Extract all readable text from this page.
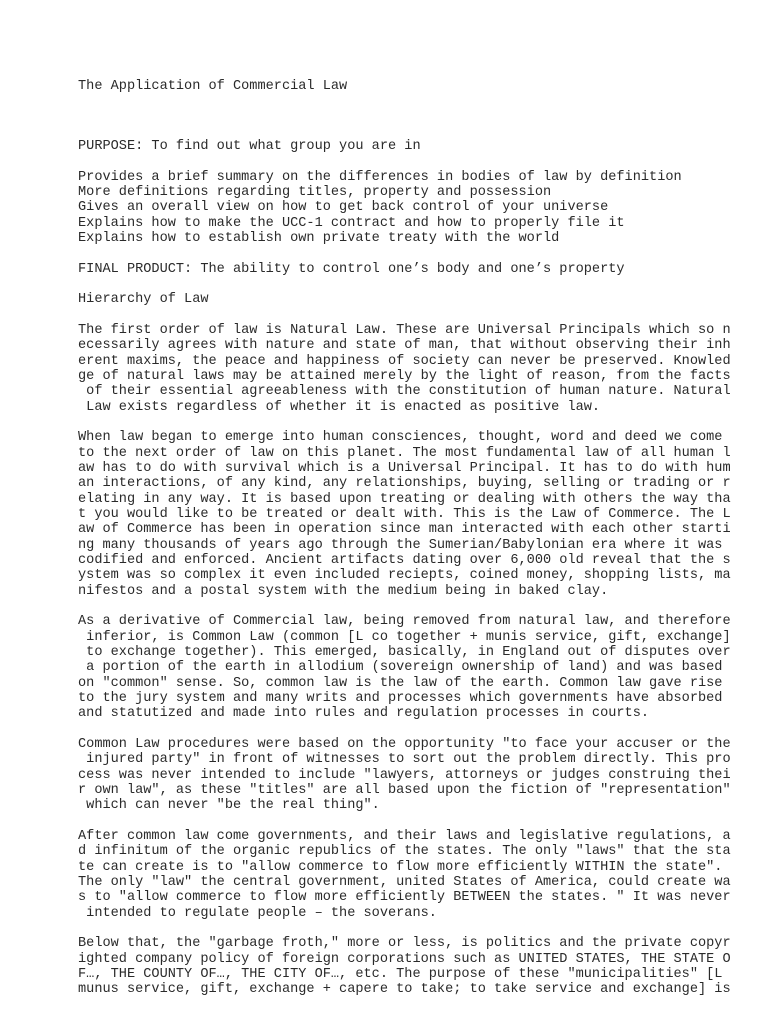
The Application of Commercial Law
PURPOSE: To find out what group you are in
Provides a brief summary on the differences in bodies of law by definition
More definitions regarding titles, property and possession
Gives an overall view on how to get back control of your universe
Explains how to make the UCC-1 contract and how to properly file it
Explains how to establish own private treaty with the world
FINAL PRODUCT: The ability to control one’s body and one’s property
Hierarchy of Law
The first order of law is Natural Law. These are Universal Principals which so n
ecessarily agrees with nature and state of man, that without observing their inh
erent maxims, the peace and happiness of society can never be preserved. Knowled
ge of natural laws may be attained merely by the light of reason, from the facts
of their essential agreeableness with the constitution of human nature. Natural
Law exists regardless of whether it is enacted as positive law.
When law began to emerge into human consciences, thought, word and deed we come
to the next order of law on this planet. The most fundamental law of all human l
aw has to do with survival which is a Universal Principal. It has to do with hum
an interactions, of any kind, any relationships, buying, selling or trading or r
elating in any way. It is based upon treating or dealing with others the way tha
t you would like to be treated or dealt with. This is the Law of Commerce. The L
aw of Commerce has been in operation since man interacted with each other starti
ng many thousands of years ago through the Sumerian/Babylonian era where it was
codified and enforced. Ancient artifacts dating over 6,000 old reveal that the s
ystem was so complex it even included reciepts, coined money, shopping lists, ma
nifestos and a postal system with the medium being in baked clay.
As a derivative of Commercial law, being removed from natural law, and therefore
inferior, is Common Law (common [L co together + munis service, gift, exchange]
to exchange together). This emerged, basically, in England out of disputes over
a portion of the earth in allodium (sovereign ownership of land) and was based
on "common" sense. So, common law is the law of the earth. Common law gave rise
to the jury system and many writs and processes which governments have absorbed
and statutized and made into rules and regulation processes in courts.
Common Law procedures were based on the opportunity "to face your accuser or the
injured party" in front of witnesses to sort out the problem directly. This pro
cess was never intended to include "lawyers, attorneys or judges construing thei
r own law", as these "titles" are all based upon the fiction of "representation"
which can never "be the real thing".
After common law come governments, and their laws and legislative regulations, a
d infinitum of the organic republics of the states. The only "laws" that the sta
te can create is to "allow commerce to flow more efficiently WITHIN the state".
The only "law" the central government, united States of America, could create wa
s to "allow commerce to flow more efficiently BETWEEN the states. " It was never
intended to regulate people – the soverans.
Below that, the "garbage froth," more or less, is politics and the private copyr
ighted company policy of foreign corporations such as UNITED STATES, THE STATE O
F…, THE COUNTY OF…, THE CITY OF…, etc. The purpose of these "municipalities" [L
munus service, gift, exchange + capere to take; to take service and exchange] is
